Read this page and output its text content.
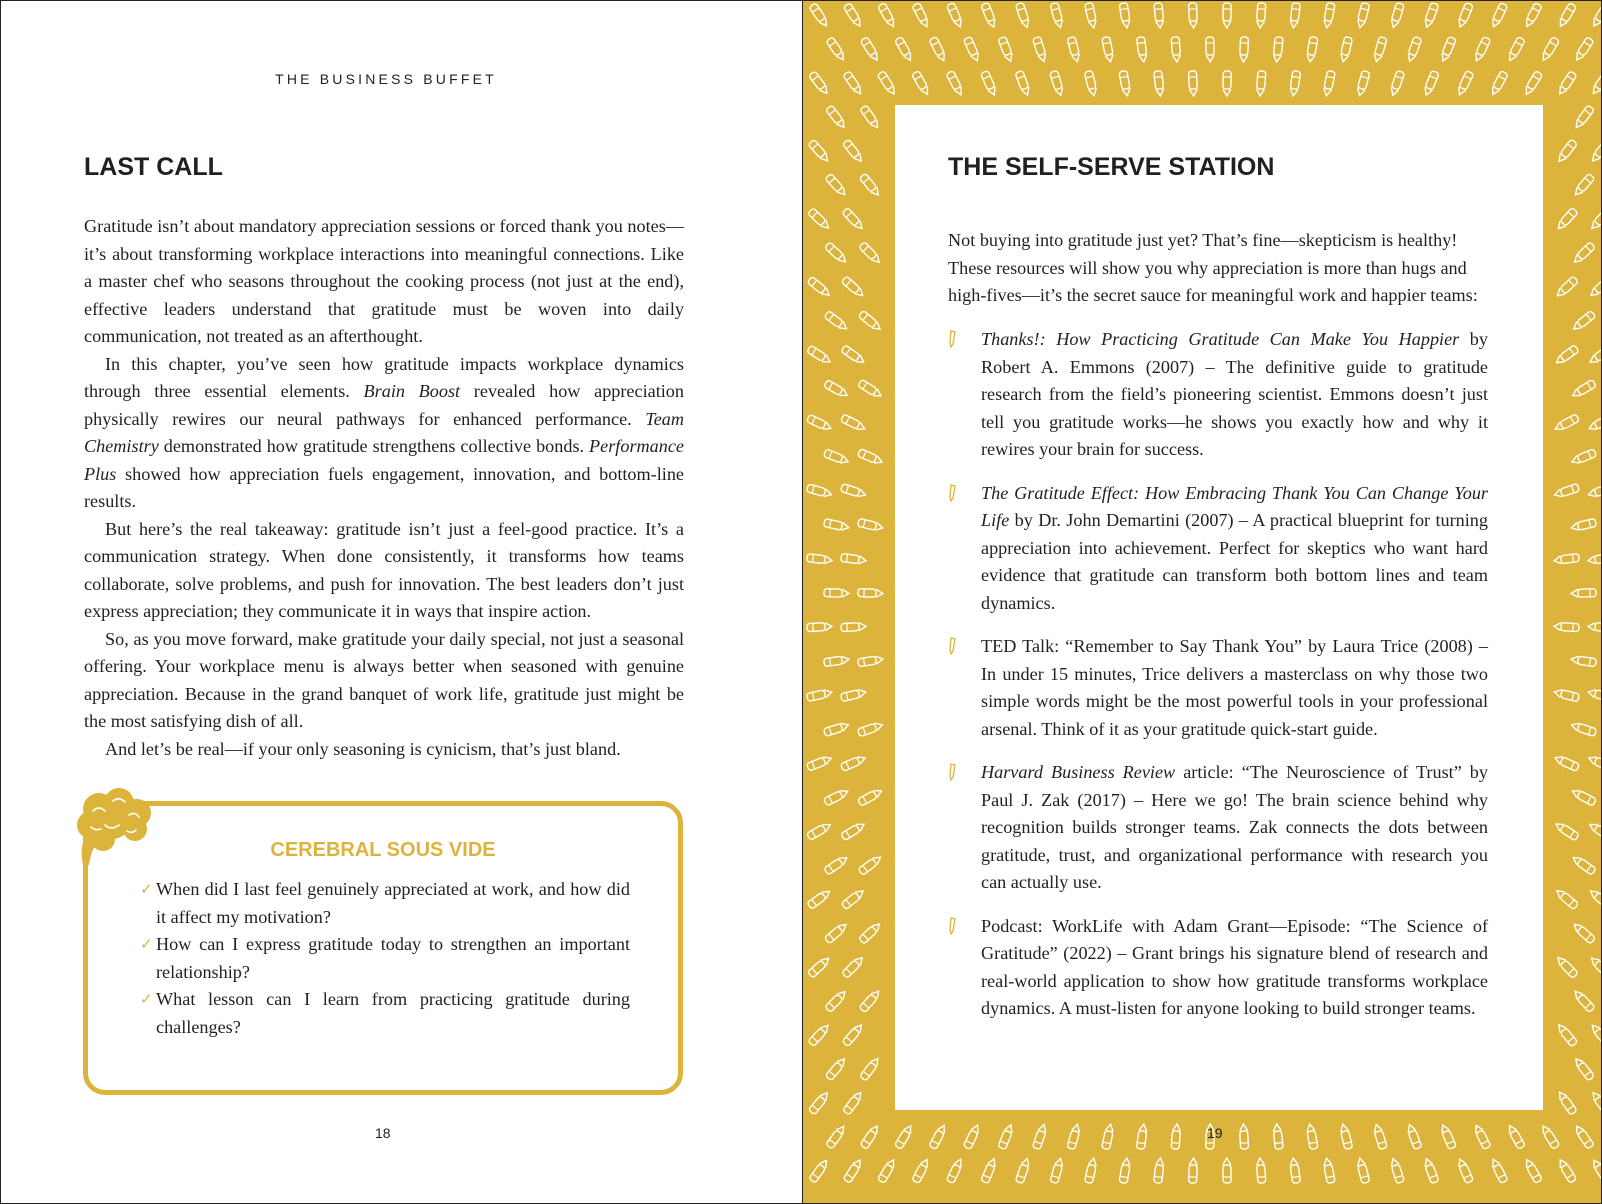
THE BUSINESS BUFFET
LAST CALL

Gratitude isn’t about mandatory appreciation sessions or forced thank you notes—it’s about transforming workplace interactions into meaningful connections. Like a master chef who seasons throughout the cooking process (not just at the end), effective leaders understand that gratitude must be woven into daily communication, not treated as an afterthought.

In this chapter, you’ve seen how gratitude impacts workplace dynamics through three essential elements. Brain Boost revealed how appreciation physically rewires our neural pathways for enhanced performance. Team Chemistry demonstrated how gratitude strengthens collective bonds. Performance Plus showed how appreciation fuels engagement, innovation, and bottom-line results.

But here’s the real takeaway: gratitude isn’t just a feel-good practice. It’s a communication strategy. When done consistently, it transforms how teams collaborate, solve problems, and push for innovation. The best leaders don’t just express appreciation; they communicate it in ways that inspire action.

So, as you move forward, make gratitude your daily special, not just a seasonal offering. Your workplace menu is always better when seasoned with genuine appreciation. Because in the grand banquet of work life, gratitude just might be the most satisfying dish of all.

And let’s be real—if your only seasoning is cynicism, that’s just bland.

CEREBRAL SOUS VIDE
✓ When did I last feel genuinely appreciated at work, and how did it affect my motivation?
✓ How can I express gratitude today to strengthen an important relationship?
✓ What lesson can I learn from practicing gratitude during challenges?
18
THE SELF-SERVE STATION

Not buying into gratitude just yet? That’s fine—skepticism is healthy! These resources will show you why appreciation is more than hugs and high-fives—it’s the secret sauce for meaningful work and happier teams:

Thanks!: How Practicing Gratitude Can Make You Happier by Robert A. Emmons (2007) – The definitive guide to gratitude research from the field’s pioneering scientist. Emmons doesn’t just tell you gratitude works—he shows you exactly how and why it rewires your brain for success.
The Gratitude Effect: How Embracing Thank You Can Change Your Life by Dr. John Demartini (2007) – A practical blueprint for turning appreciation into achievement. Perfect for skeptics who want hard evidence that gratitude can transform both bottom lines and team dynamics.
TED Talk: “Remember to Say Thank You” by Laura Trice (2008) – In under 15 minutes, Trice delivers a masterclass on why those two simple words might be the most powerful tools in your professional arsenal. Think of it as your gratitude quick-start guide.
Harvard Business Review article: “The Neuroscience of Trust” by Paul J. Zak (2017) – Here we go! The brain science behind why recognition builds stronger teams. Zak connects the dots between gratitude, trust, and organizational performance with research you can actually use.
Podcast: WorkLife with Adam Grant—Episode: “The Science of Gratitude” (2022) – Grant brings his signature blend of research and real-world application to show how gratitude transforms workplace dynamics. A must-listen for anyone looking to build stronger teams.
19
